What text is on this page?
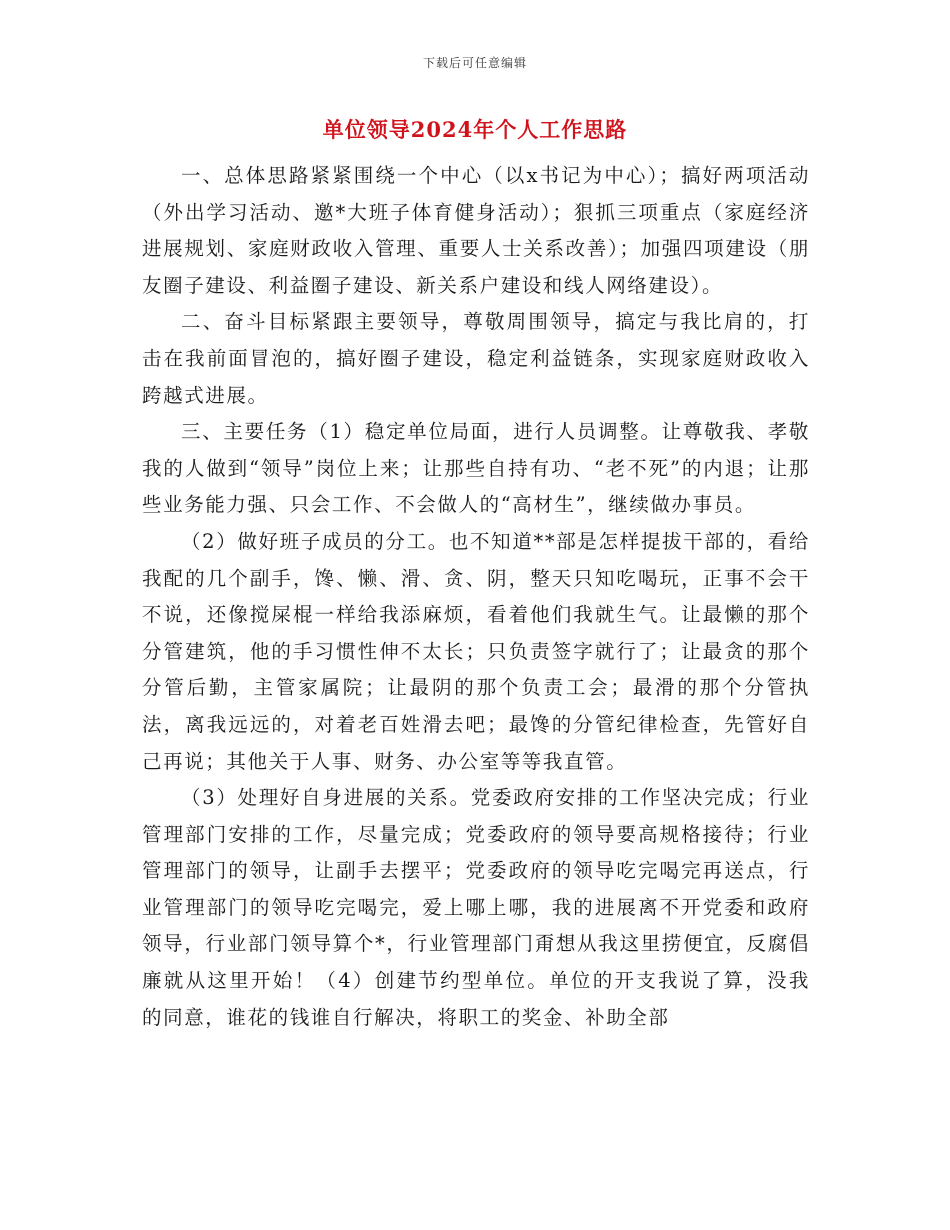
下载后可任意编辑
单位领导2024年个人工作思路

一、总体思路紧紧围绕一个中心（以x书记为中心）；搞好两项活动（外出学习活动、邀*大班子体育健身活动）；狠抓三项重点（家庭经济进展规划、家庭财政收入管理、重要人士关系改善）；加强四项建设（朋友圈子建设、利益圈子建设、新关系户建设和线人网络建设）。

二、奋斗目标紧跟主要领导，尊敬周围领导，搞定与我比肩的，打击在我前面冒泡的，搞好圈子建设，稳定利益链条，实现家庭财政收入跨越式进展。

三、主要任务（1）稳定单位局面，进行人员调整。让尊敬我、孝敬我的人做到“领导”岗位上来；让那些自持有功、“老不死”的内退；让那些业务能力强、只会工作、不会做人的“高材生”，继续做办事员。

（2）做好班子成员的分工。也不知道**部是怎样提拔干部的，看给我配的几个副手，馋、懒、滑、贪、阴，整天只知吃喝玩，正事不会干不说，还像搅屎棍一样给我添麻烦，看着他们我就生气。让最懒的那个分管建筑，他的手习惯性伸不太长；只负责签字就行了；让最贪的那个分管后勤，主管家属院；让最阴的那个负责工会；最滑的那个分管执法，离我远远的，对着老百姓滑去吧；最馋的分管纪律检查，先管好自己再说；其他关于人事、财务、办公室等等我直管。

（3）处理好自身进展的关系。党委政府安排的工作坚决完成；行业管理部门安排的工作，尽量完成；党委政府的领导要高规格接待；行业管理部门的领导，让副手去摆平；党委政府的领导吃完喝完再送点，行业管理部门的领导吃完喝完，爱上哪上哪，我的进展离不开党委和政府领导，行业部门领导算个*，行业管理部门甭想从我这里捞便宜，反腐倡廉就从这里开始！（4）创建节约型单位。单位的开支我说了算，没我的同意，谁花的钱谁自行解决，将职工的奖金、补助全部
